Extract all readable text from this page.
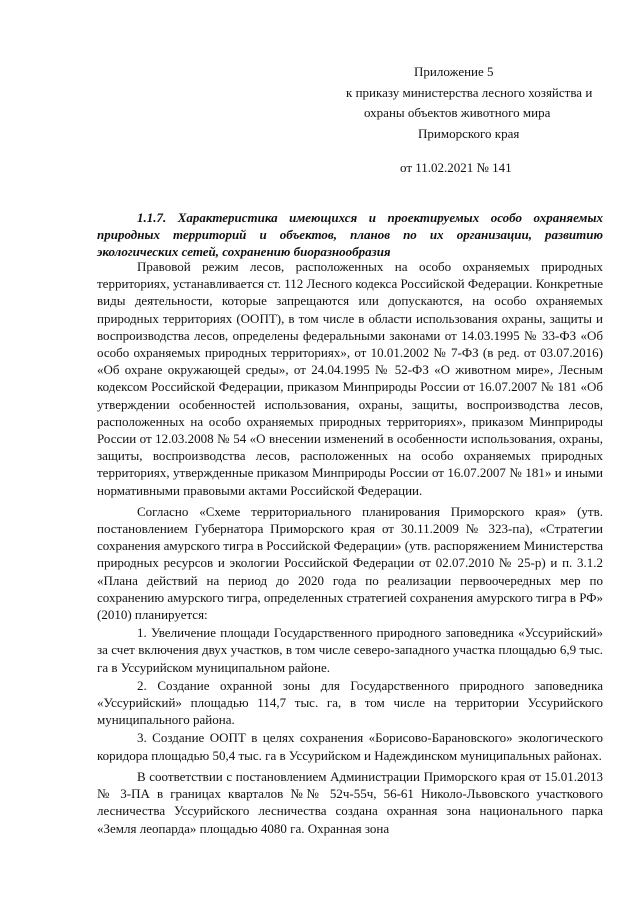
Приложение 5
к приказу министерства лесного хозяйства и
охраны объектов животного мира
Приморского края
от 11.02.2021 № 141
1.1.7. Характеристика имеющихся и проектируемых особо охраняемых природных территорий и объектов, планов по их организации, развитию экологических сетей, сохранению биоразнообразия

Правовой режим лесов, расположенных на особо охраняемых природных территориях, устанавливается ст. 112 Лесного кодекса Российской Федерации. Конкретные виды деятельности, которые запрещаются или допускаются, на особо охраняемых природных территориях (ООПТ), в том числе в области использования охраны, защиты и воспроизводства лесов, определены федеральными законами от 14.03.1995 № 33-ФЗ «Об особо охраняемых природных территориях», от 10.01.2002 № 7-ФЗ (в ред. от 03.07.2016) «Об охране окружающей среды», от 24.04.1995 № 52-ФЗ «О животном мире», Лесным кодексом Российской Федерации, приказом Минприроды России от 16.07.2007 № 181 «Об утверждении особенностей использования, охраны, защиты, воспроизводства лесов, расположенных на особо охраняемых природных территориях», приказом Минприроды России от 12.03.2008 № 54 «О внесении изменений в особенности использования, охраны, защиты, воспроизводства лесов, расположенных на особо охраняемых природных территориях, утвержденные приказом Минприроды России от 16.07.2007 № 181» и иными нормативными правовыми актами Российской Федерации.

Согласно «Схеме территориального планирования Приморского края» (утв. постановлением Губернатора Приморского края от 30.11.2009 № 323-па), «Стратегии сохранения амурского тигра в Российской Федерации» (утв. распоряжением Министерства природных ресурсов и экологии Российской Федерации от 02.07.2010 № 25-р) и п. 3.1.2 «Плана действий на период до 2020 года по реализации первоочередных мер по сохранению амурского тигра, определенных стратегией сохранения амурского тигра в РФ» (2010) планируется:

1. Увеличение площади Государственного природного заповедника «Уссурийский» за счет включения двух участков, в том числе северо-западного участка площадью 6,9 тыс. га в Уссурийском муниципальном районе.

2. Создание охранной зоны для Государственного природного заповедника «Уссурийский» площадью 114,7 тыс. га, в том числе на территории Уссурийского муниципального района.

3. Создание ООПТ в целях сохранения «Борисово-Барановского» экологического коридора площадью 50,4 тыс. га в Уссурийском и Надеждинском муниципальных районах.

В соответствии с постановлением Администрации Приморского края от 15.01.2013 № 3-ПА в границах кварталов №№ 52ч-55ч, 56-61 Николо-Львовского участкового лесничества Уссурийского лесничества создана охранная зона национального парка «Земля леопарда» площадью 4080 га. Охранная зона
